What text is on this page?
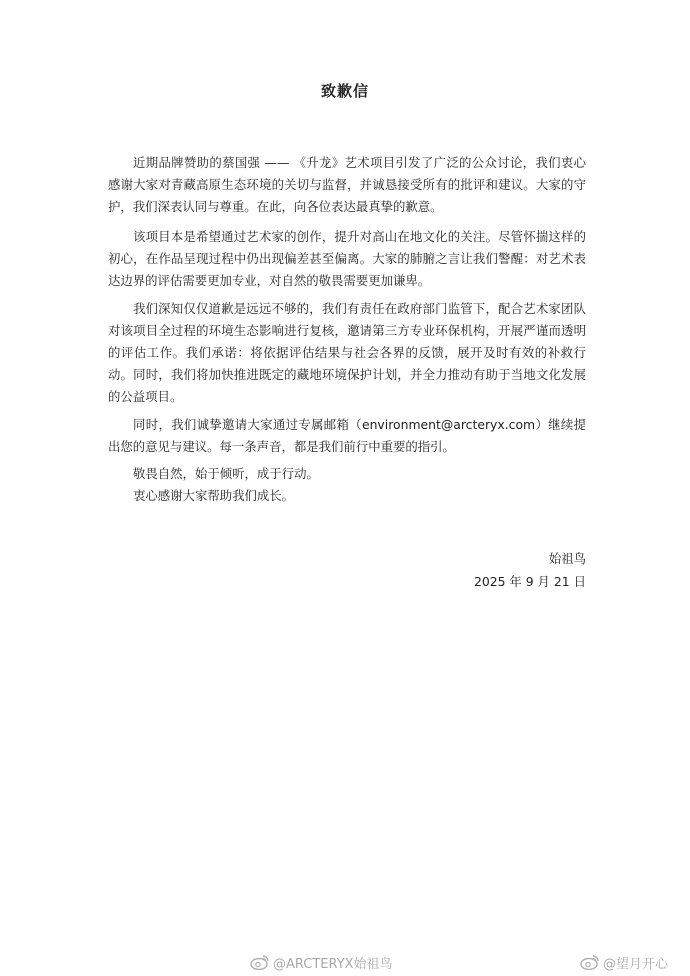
致歉信

近期品牌赞助的蔡国强 —— 《升龙》艺术项目引发了广泛的公众讨论，我们衷心感谢大家对青藏高原生态环境的关切与监督，并诚恳接受所有的批评和建议。大家的守护，我们深表认同与尊重。在此，向各位表达最真挚的歉意。

该项目本是希望通过艺术家的创作，提升对高山在地文化的关注。尽管怀揣这样的初心，在作品呈现过程中仍出现偏差甚至偏离。大家的肺腑之言让我们警醒：对艺术表达边界的评估需要更加专业，对自然的敬畏需要更加谦卑。

我们深知仅仅道歉是远远不够的，我们有责任在政府部门监管下，配合艺术家团队对该项目全过程的环境生态影响进行复核，邀请第三方专业环保机构，开展严谨而透明的评估工作。我们承诺：将依据评估结果与社会各界的反馈，展开及时有效的补救行动。同时，我们将加快推进既定的藏地环境保护计划，并全力推动有助于当地文化发展的公益项目。

同时，我们诚挚邀请大家通过专属邮箱（environment@arcteryx.com）继续提出您的意见与建议。每一条声音，都是我们前行中重要的指引。

敬畏自然，始于倾听，成于行动。

衷心感谢大家帮助我们成长。

始祖鸟
2025 年 9 月 21 日
@ARCTERYX始祖鸟	@望月开心
